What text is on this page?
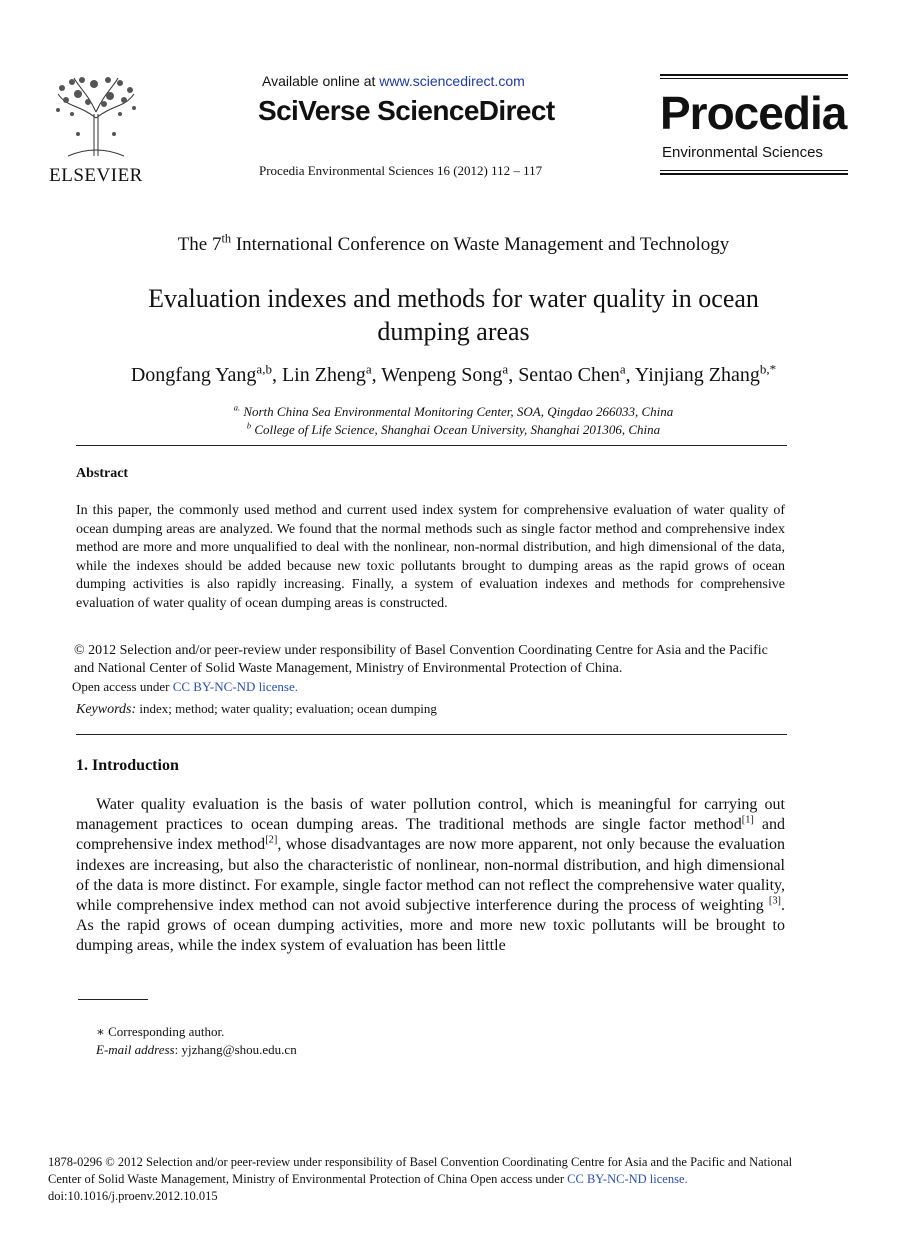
ELSEVIER
Available online at www.sciencedirect.com
SciVerse ScienceDirect
Procedia Environmental Sciences 16 (2012) 112 – 117
Procedia
Environmental Sciences
The 7th International Conference on Waste Management and Technology
Evaluation indexes and methods for water quality in ocean
dumping areas
Dongfang Yang$^{a,b}$, Lin Zheng$^a$, Wenpeng Song$^a$, Sentao Chen$^a$, Yinjiang Zhang$^{b,*}$
$^{a.}$ North China Sea Environmental Monitoring Center, SOA, Qingdao 266033, China
$^b$ College of Life Science, Shanghai Ocean University, Shanghai 201306, China
Abstract
In this paper, the commonly used method and current used index system for comprehensive evaluation of water quality of ocean dumping areas are analyzed. We found that the normal methods such as single factor method and comprehensive index method are more and more unqualified to deal with the nonlinear, non-normal distribution, and high dimensional of the data, while the indexes should be added because new toxic pollutants brought to dumping areas as the rapid grows of ocean dumping activities is also rapidly increasing. Finally, a system of evaluation indexes and methods for comprehensive evaluation of water quality of ocean dumping areas is constructed.
© 2012 Selection and/or peer-review under responsibility of Basel Convention Coordinating Centre for Asia and the Pacific
and National Center of Solid Waste Management, Ministry of Environmental Protection of China.
Open access under CC BY-NC-ND license.
Keywords: index; method; water quality; evaluation; ocean dumping
1. Introduction
Water quality evaluation is the basis of water pollution control, which is meaningful for carrying out management practices to ocean dumping areas. The traditional methods are single factor method[1] and comprehensive index method[2], whose disadvantages are now more apparent, not only because the evaluation indexes are increasing, but also the characteristic of nonlinear, non-normal distribution, and high dimensional of the data is more distinct. For example, single factor method can not reflect the comprehensive water quality, while comprehensive index method can not avoid subjective interference during the process of weighting [3]. As the rapid grows of ocean dumping activities, more and more new toxic pollutants will be brought to dumping areas, while the index system of evaluation has been little
∗ Corresponding author.
E-mail address: yjzhang@shou.edu.cn
1878-0296 © 2012 Selection and/or peer-review under responsibility of Basel Convention Coordinating Centre for Asia and the Pacific and National
Center of Solid Waste Management, Ministry of Environmental Protection of China Open access under CC BY-NC-ND license.
doi:10.1016/j.proenv.2012.10.015
